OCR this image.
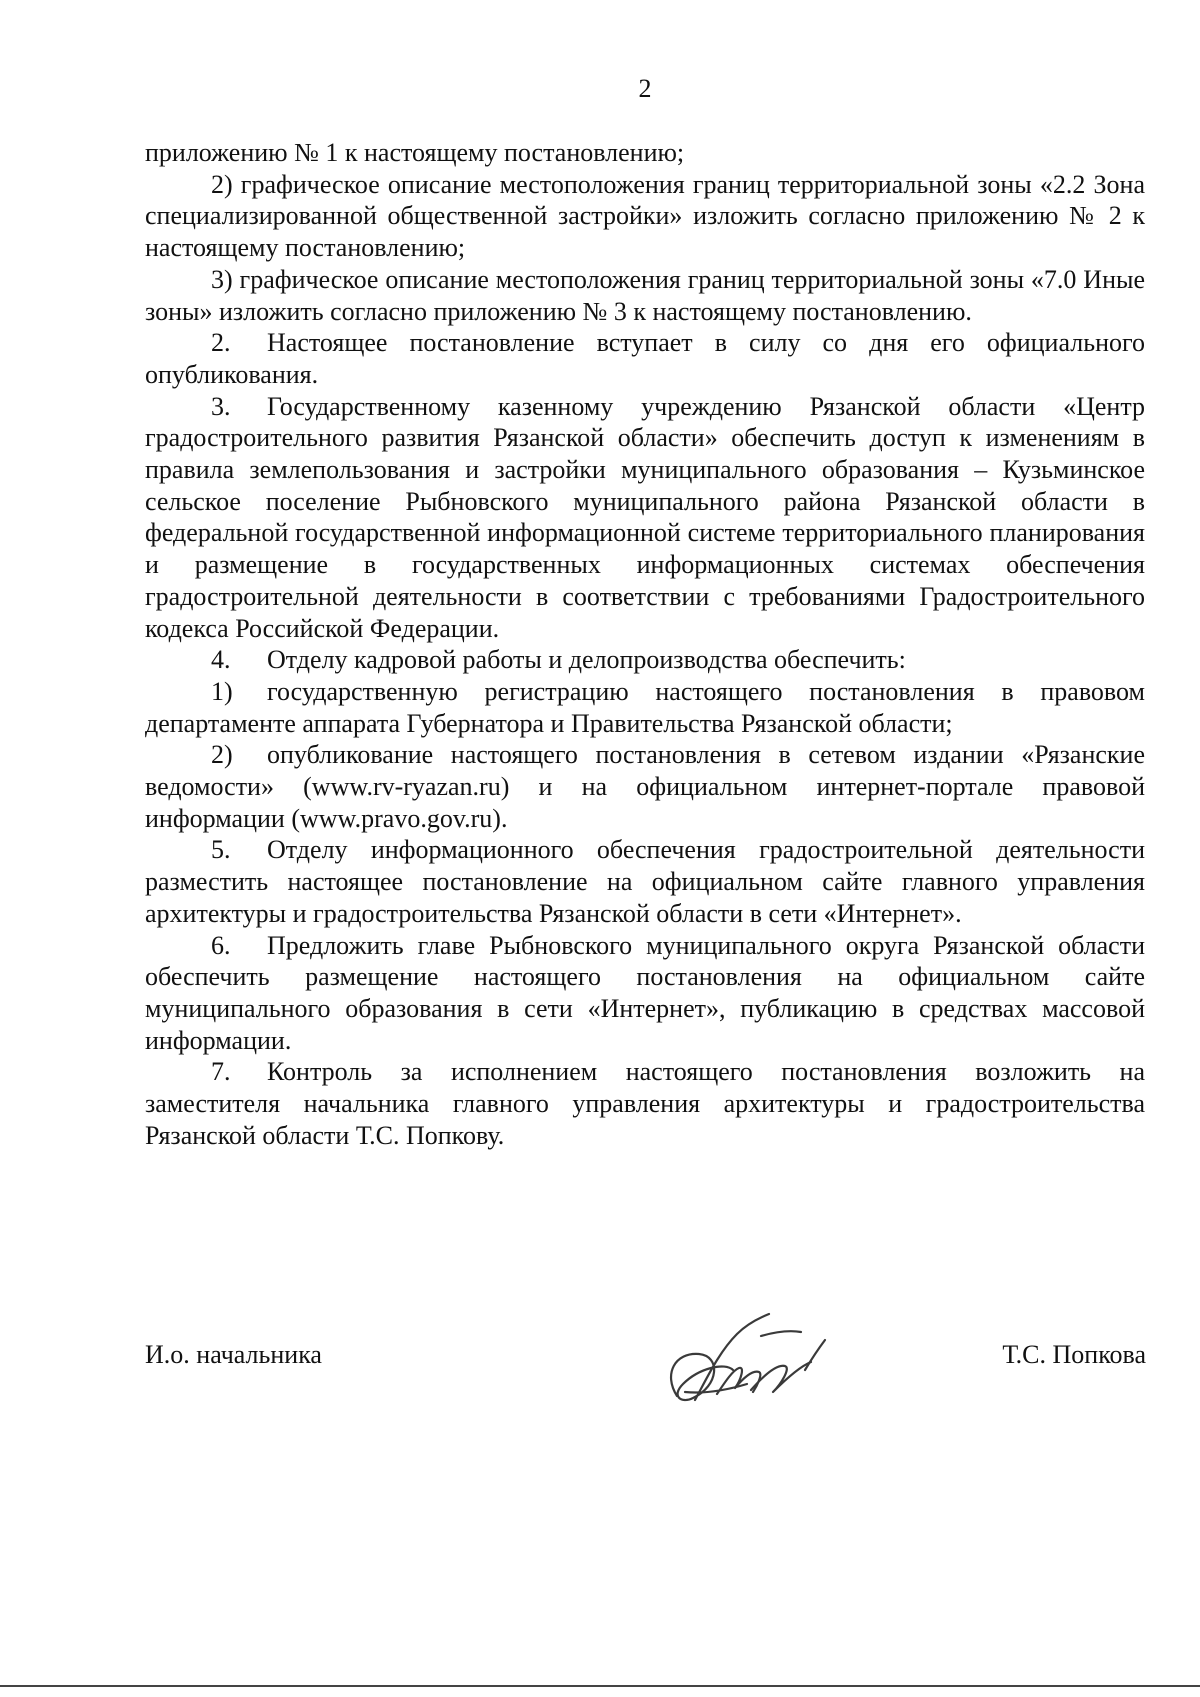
2

приложению № 1 к настоящему постановлению;

2) графическое описание местоположения границ территориальной зоны «2.2 Зона специализированной общественной застройки» изложить согласно приложению № 2 к настоящему постановлению;

3) графическое описание местоположения границ территориальной зоны «7.0 Иные зоны» изложить согласно приложению № 3 к настоящему постановлению.

2. Настоящее постановление вступает в силу со дня его официального опубликования.

3. Государственному казенному учреждению Рязанской области «Центр градостроительного развития Рязанской области» обеспечить доступ к изменениям в правила землепользования и застройки муниципального образования – Кузьминское сельское поселение Рыбновского муниципального района Рязанской области в федеральной государственной информационной системе территориального планирования и размещение в государственных информационных системах обеспечения градостроительной деятельности в соответствии с требованиями Градостроительного кодекса Российской Федерации.

4. Отделу кадровой работы и делопроизводства обеспечить:

1) государственную регистрацию настоящего постановления в правовом департаменте аппарата Губернатора и Правительства Рязанской области;

2) опубликование настоящего постановления в сетевом издании «Рязанские ведомости» (www.rv-ryazan.ru) и на официальном интернет-портале правовой информации (www.pravo.gov.ru).

5. Отделу информационного обеспечения градостроительной деятельности разместить настоящее постановление на официальном сайте главного управления архитектуры и градостроительства Рязанской области в сети «Интернет».

6. Предложить главе Рыбновского муниципального округа Рязанской области обеспечить размещение настоящего постановления на официальном сайте муниципального образования в сети «Интернет», публикацию в средствах массовой информации.

7. Контроль за исполнением настоящего постановления возложить на заместителя начальника главного управления архитектуры и градостроительства Рязанской области Т.С. Попкову.

И.о. начальника	Т.С. Попкова
